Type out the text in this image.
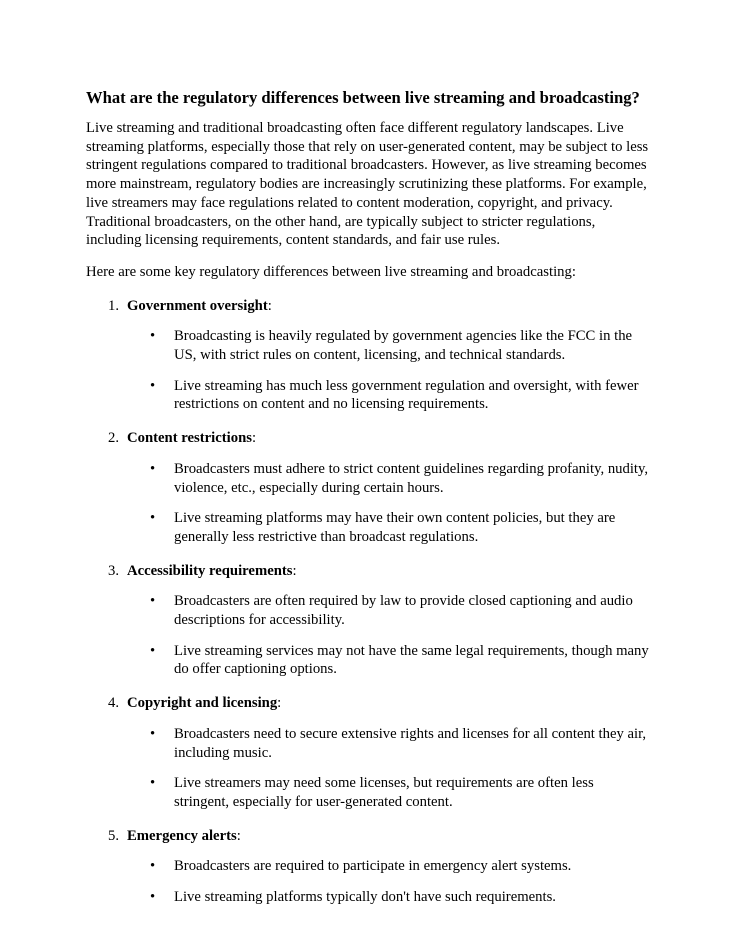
What are the regulatory differences between live streaming and broadcasting?

Live streaming and traditional broadcasting often face different regulatory landscapes. Live streaming platforms, especially those that rely on user-generated content, may be subject to less stringent regulations compared to traditional broadcasters. However, as live streaming becomes more mainstream, regulatory bodies are increasingly scrutinizing these platforms. For example, live streamers may face regulations related to content moderation, copyright, and privacy. Traditional broadcasters, on the other hand, are typically subject to stricter regulations, including licensing requirements, content standards, and fair use rules.

Here are some key regulatory differences between live streaming and broadcasting:

1. Government oversight:
•	Broadcasting is heavily regulated by government agencies like the FCC in the US, with strict rules on content, licensing, and technical standards.
•	Live streaming has much less government regulation and oversight, with fewer restrictions on content and no licensing requirements.
2. Content restrictions:
•	Broadcasters must adhere to strict content guidelines regarding profanity, nudity, violence, etc., especially during certain hours.
•	Live streaming platforms may have their own content policies, but they are generally less restrictive than broadcast regulations.
3. Accessibility requirements:
•	Broadcasters are often required by law to provide closed captioning and audio descriptions for accessibility.
•	Live streaming services may not have the same legal requirements, though many do offer captioning options.
4. Copyright and licensing:
•	Broadcasters need to secure extensive rights and licenses for all content they air, including music.
•	Live streamers may need some licenses, but requirements are often less stringent, especially for user-generated content.
5. Emergency alerts:
•	Broadcasters are required to participate in emergency alert systems.
•	Live streaming platforms typically don't have such requirements.
